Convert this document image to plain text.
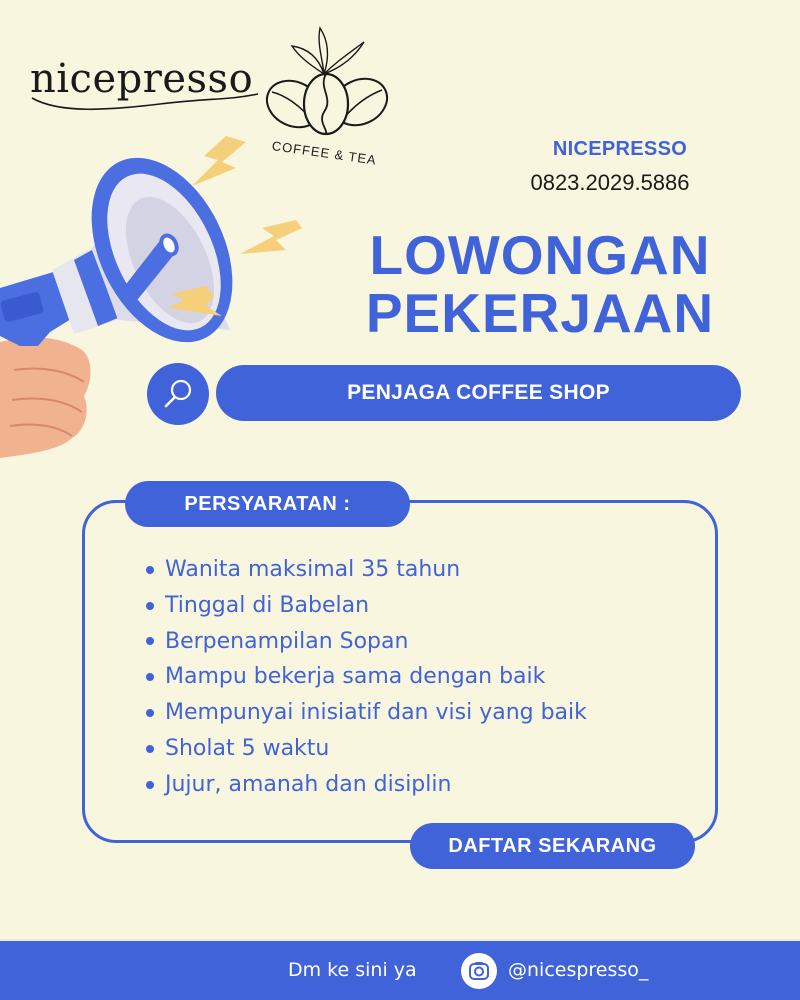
nicepresso
COFFEE & TEA	NICEPRESSO
0823.2029.5886
LOWONGAN
PEKERJAAN
PENJAGA COFFEE SHOP
PERSYARATAN :
Wanita maksimal 35 tahun
Tinggal di Babelan
Berpenampilan Sopan
Mampu bekerja sama dengan baik
Mempunyai inisiatif dan visi yang baik
Sholat 5 waktu
Jujur, amanah dan disiplin
DAFTAR SEKARANG
Dm ke sini ya	@nicespresso_
